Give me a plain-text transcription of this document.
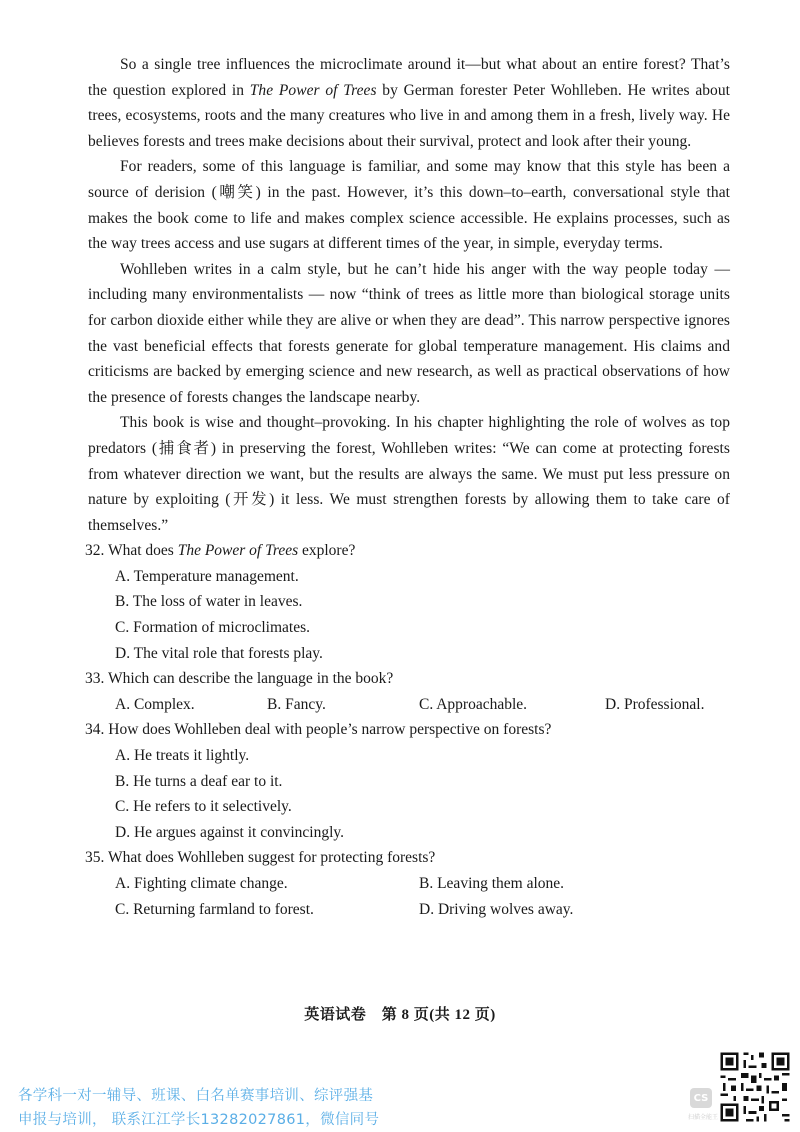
So a single tree influences the microclimate around it—but what about an entire forest? That’s the question explored in The Power of Trees by German forester Peter Wohlleben. He writes about trees, ecosystems, roots and the many creatures who live in and among them in a fresh, lively way. He believes forests and trees make decisions about their survival, protect and look after their young.

For readers, some of this language is familiar, and some may know that this style has been a source of derision (嘲笑) in the past. However, it’s this down–to–earth, conversational style that makes the book come to life and makes complex science accessible. He explains processes, such as the way trees access and use sugars at different times of the year, in simple, everyday terms.

Wohlleben writes in a calm style, but he can’t hide his anger with the way people today — including many environmentalists — now “think of trees as little more than biological storage units for carbon dioxide either while they are alive or when they are dead”. This narrow perspective ignores the vast beneficial effects that forests generate for global temperature management. His claims and criticisms are backed by emerging science and new research, as well as practical observations of how the presence of forests changes the landscape nearby.

This book is wise and thought–provoking. In his chapter highlighting the role of wolves as top predators (捕食者) in preserving the forest, Wohlleben writes: “We can come at protecting forests from whatever direction we want, but the results are always the same. We must put less pressure on nature by exploiting (开发) it less. We must strengthen forests by allowing them to take care of themselves.”

32. What does The Power of Trees explore?

A. Temperature management.

B. The loss of water in leaves.

C. Formation of microclimates.

D. The vital role that forests play.

33. Which can describe the language in the book?

A. Complex.	B. Fancy.	C. Approachable.	D. Professional.

34. How does Wohlleben deal with people’s narrow perspective on forests?

A. He treats it lightly.

B. He turns a deaf ear to it.

C. He refers to it selectively.

D. He argues against it convincingly.

35. What does Wohlleben suggest for protecting forests?

A. Fighting climate change.	B. Leaving them alone.
C. Returning farmland to forest.	D. Driving wolves away.
英语试卷　第 8 页(共 12 页)
各学科一对一辅导、班课、白名单赛事培训、综评强基
申报与培训， 联系江江学长13282027861，微信同号
CS
扫描全能王
